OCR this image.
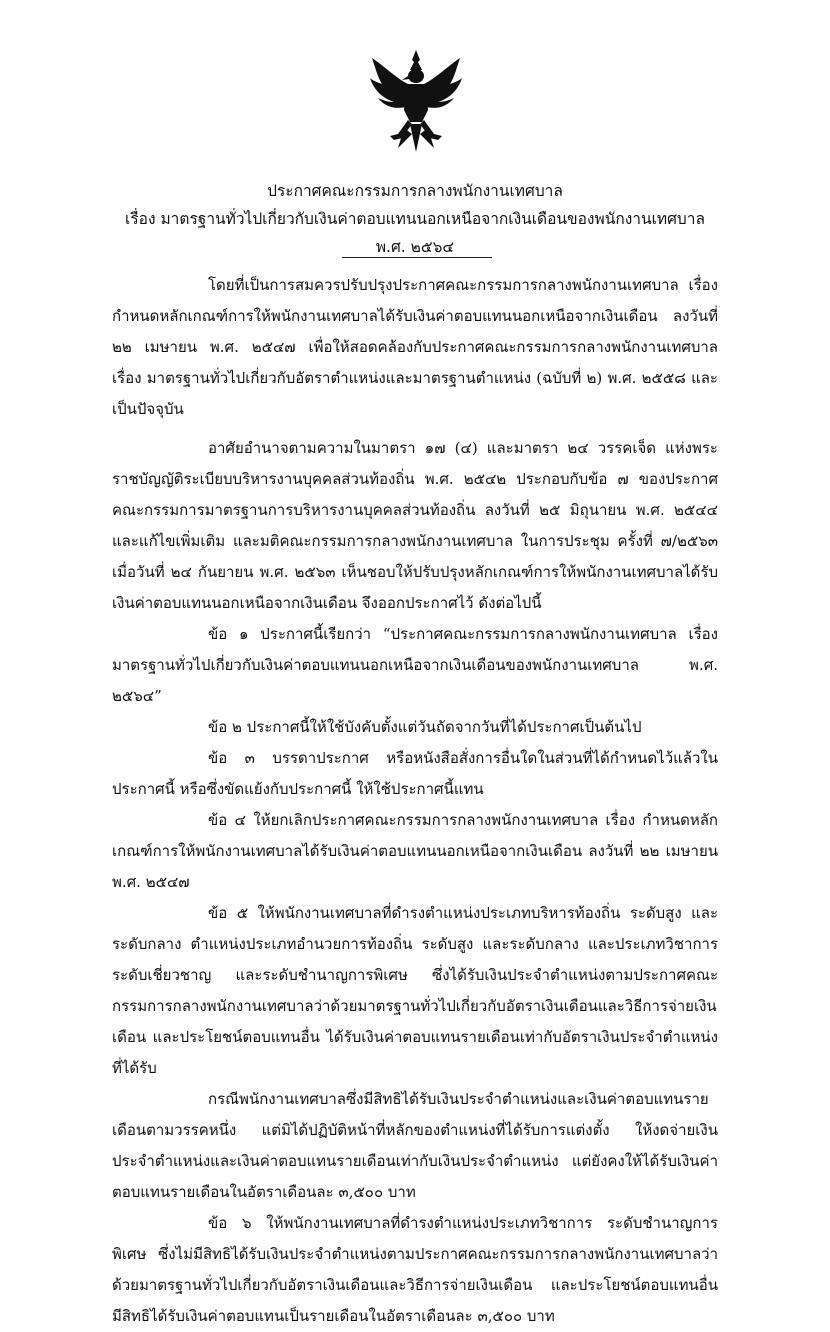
ประกาศคณะกรรมการกลางพนักงานเทศบาล
เรื่อง มาตรฐานทั่วไปเกี่ยวกับเงินค่าตอบแทนนอกเหนือจากเงินเดือนของพนักงานเทศบาล
พ.ศ. ๒๕๖๔

โดยที่เป็นการสมควรปรับปรุงประกาศคณะกรรมการกลางพนักงานเทศบาล เรื่อง กำหนดหลักเกณฑ์การให้พนักงานเทศบาลได้รับเงินค่าตอบแทนนอกเหนือจากเงินเดือน ลงวันที่ ๒๒ เมษายน พ.ศ. ๒๕๔๗ เพื่อให้สอดคล้องกับประกาศคณะกรรมการกลางพนักงานเทศบาล เรื่อง มาตรฐานทั่วไปเกี่ยวกับอัตราตำแหน่งและมาตรฐานตำแหน่ง (ฉบับที่ ๒) พ.ศ. ๒๕๕๘ และเป็นปัจจุบัน

อาศัยอำนาจตามความในมาตรา ๑๗ (๔) และมาตรา ๒๔ วรรคเจ็ด แห่งพระราชบัญญัติระเบียบบริหารงานบุคคลส่วนท้องถิ่น พ.ศ. ๒๕๔๒ ประกอบกับข้อ ๗ ของประกาศคณะกรรมการมาตรฐานการบริหารงานบุคคลส่วนท้องถิ่น ลงวันที่ ๒๕ มิถุนายน พ.ศ. ๒๕๔๔ และแก้ไขเพิ่มเติม และมติคณะกรรมการกลางพนักงานเทศบาล ในการประชุม ครั้งที่ ๗/๒๕๖๓ เมื่อวันที่ ๒๔ กันยายน พ.ศ. ๒๕๖๓ เห็นชอบให้ปรับปรุงหลักเกณฑ์การให้พนักงานเทศบาลได้รับเงินค่าตอบแทนนอกเหนือจากเงินเดือน จึงออกประกาศไว้ ดังต่อไปนี้

ข้อ ๑ ประกาศนี้เรียกว่า “ประกาศคณะกรรมการกลางพนักงานเทศบาล เรื่อง มาตรฐานทั่วไปเกี่ยวกับเงินค่าตอบแทนนอกเหนือจากเงินเดือนของพนักงานเทศบาล พ.ศ. ๒๕๖๔”

ข้อ ๒ ประกาศนี้ให้ใช้บังคับตั้งแต่วันถัดจากวันที่ได้ประกาศเป็นต้นไป

ข้อ ๓ บรรดาประกาศ หรือหนังสือสั่งการอื่นใดในส่วนที่ได้กำหนดไว้แล้วในประกาศนี้ หรือซึ่งขัดแย้งกับประกาศนี้ ให้ใช้ประกาศนี้แทน

ข้อ ๔ ให้ยกเลิกประกาศคณะกรรมการกลางพนักงานเทศบาล เรื่อง กำหนดหลักเกณฑ์การให้พนักงานเทศบาลได้รับเงินค่าตอบแทนนอกเหนือจากเงินเดือน ลงวันที่ ๒๒ เมษายน พ.ศ. ๒๕๔๗

ข้อ ๕ ให้พนักงานเทศบาลที่ดำรงตำแหน่งประเภทบริหารท้องถิ่น ระดับสูง และระดับกลาง ตำแหน่งประเภทอำนวยการท้องถิ่น ระดับสูง และระดับกลาง และประเภทวิชาการ ระดับเชี่ยวชาญ และระดับชำนาญการพิเศษ ซึ่งได้รับเงินประจำตำแหน่งตามประกาศคณะกรรมการกลางพนักงานเทศบาลว่าด้วยมาตรฐานทั่วไปเกี่ยวกับอัตราเงินเดือนและวิธีการจ่ายเงินเดือน และประโยชน์ตอบแทนอื่น ได้รับเงินค่าตอบแทนรายเดือนเท่ากับอัตราเงินประจำตำแหน่งที่ได้รับ

กรณีพนักงานเทศบาลซึ่งมีสิทธิได้รับเงินประจำตำแหน่งและเงินค่าตอบแทนรายเดือนตามวรรคหนึ่ง แต่มิได้ปฏิบัติหน้าที่หลักของตำแหน่งที่ได้รับการแต่งตั้ง ให้งดจ่ายเงินประจำตำแหน่งและเงินค่าตอบแทนรายเดือนเท่ากับเงินประจำตำแหน่ง แต่ยังคงให้ได้รับเงินค่าตอบแทนรายเดือนในอัตราเดือนละ ๓,๕๐๐ บาท

ข้อ ๖ ให้พนักงานเทศบาลที่ดำรงตำแหน่งประเภทวิชาการ ระดับชำนาญการพิเศษ ซึ่งไม่มีสิทธิได้รับเงินประจำตำแหน่งตามประกาศคณะกรรมการกลางพนักงานเทศบาลว่าด้วยมาตรฐานทั่วไปเกี่ยวกับอัตราเงินเดือนและวิธีการจ่ายเงินเดือน และประโยชน์ตอบแทนอื่น มีสิทธิได้รับเงินค่าตอบแทนเป็นรายเดือนในอัตราเดือนละ ๓,๕๐๐ บาท
